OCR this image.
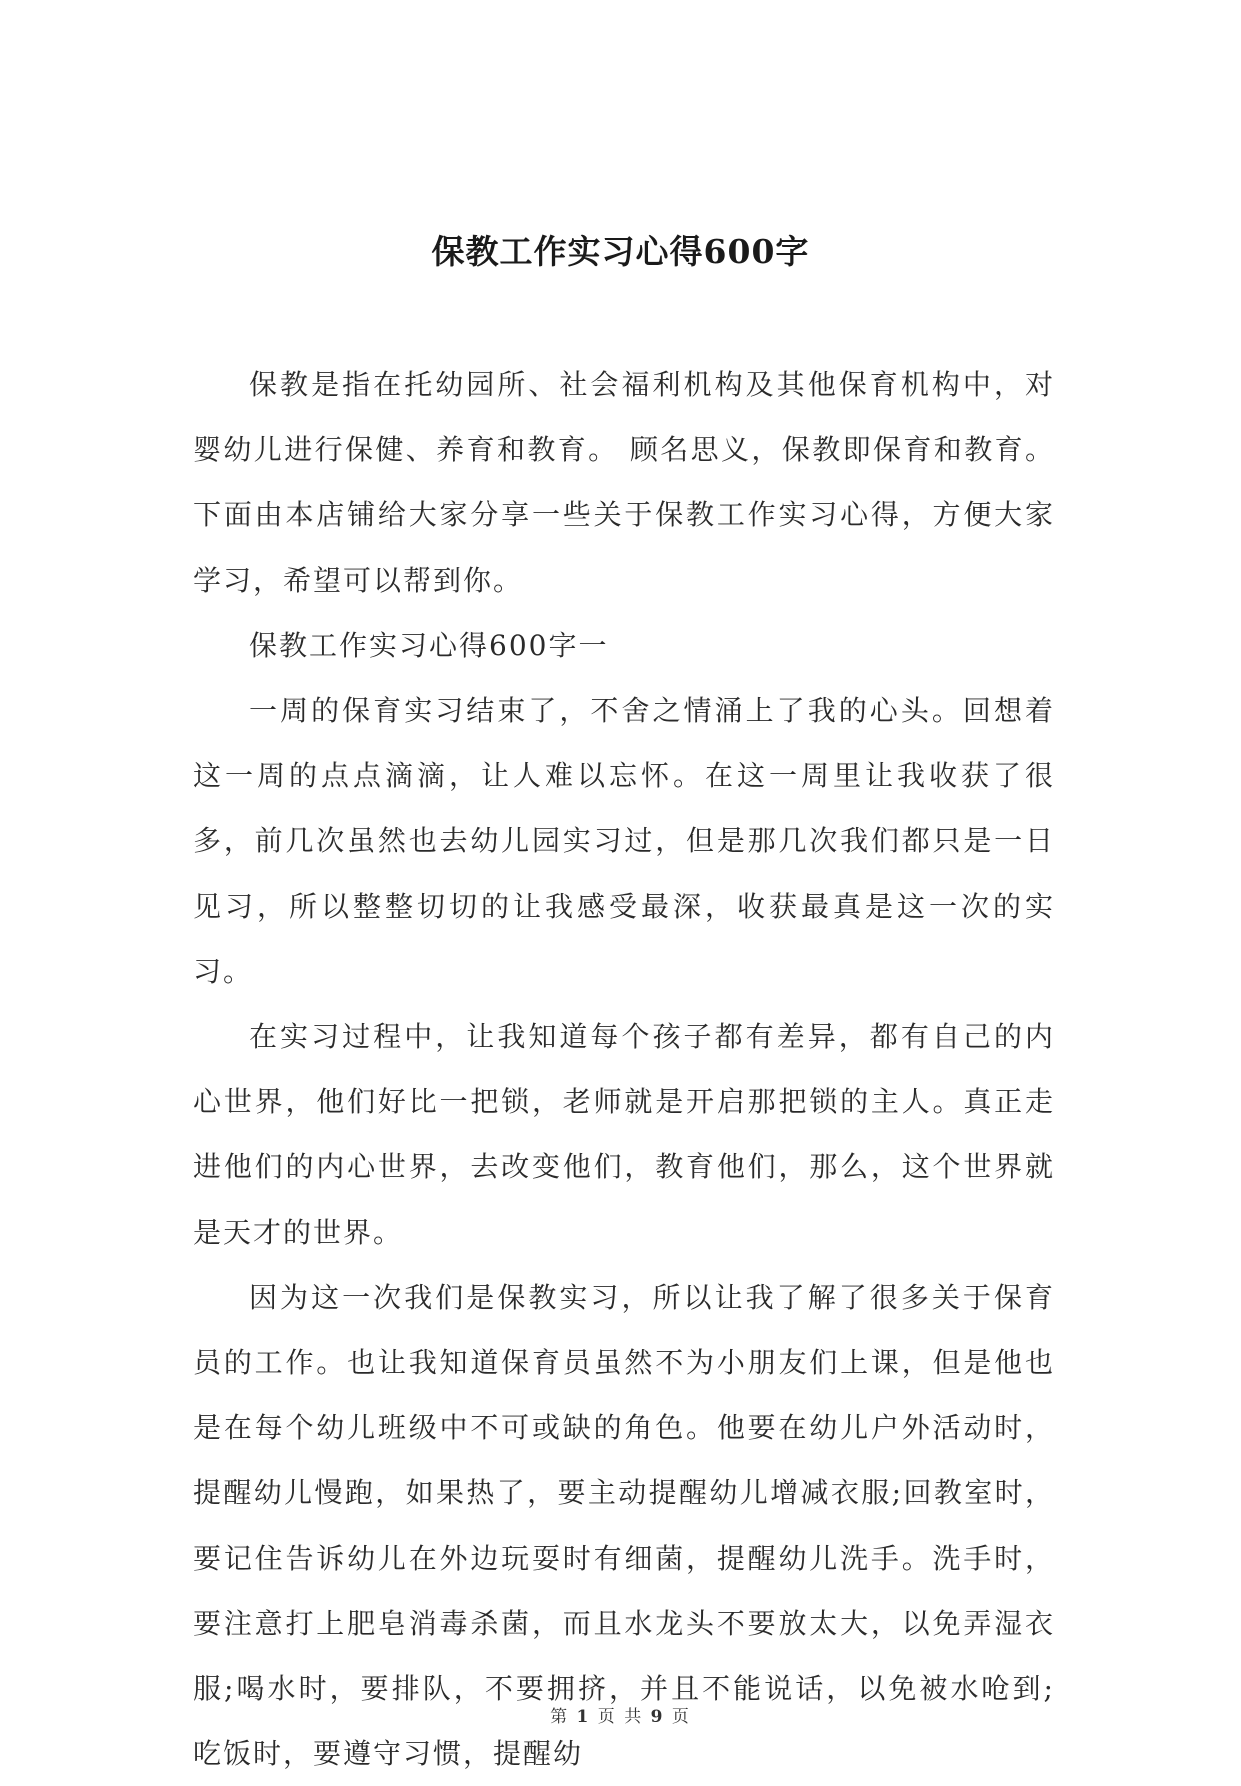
保教工作实习心得600字

保教是指在托幼园所、社会福利机构及其他保育机构中，对婴幼儿进行保健、养育和教育。 顾名思义，保教即保育和教育。下面由本店铺给大家分享一些关于保教工作实习心得，方便大家学习，希望可以帮到你。

保教工作实习心得600字一

一周的保育实习结束了，不舍之情涌上了我的心头。回想着这一周的点点滴滴，让人难以忘怀。在这一周里让我收获了很多，前几次虽然也去幼儿园实习过，但是那几次我们都只是一日见习，所以整整切切的让我感受最深，收获最真是这一次的实习。

在实习过程中，让我知道每个孩子都有差异，都有自己的内心世界，他们好比一把锁，老师就是开启那把锁的主人。真正走进他们的内心世界，去改变他们，教育他们，那么，这个世界就是天才的世界。

因为这一次我们是保教实习，所以让我了解了很多关于保育员的工作。也让我知道保育员虽然不为小朋友们上课，但是他也是在每个幼儿班级中不可或缺的角色。他要在幼儿户外活动时，提醒幼儿慢跑，如果热了，要主动提醒幼儿增减衣服;回教室时，要记住告诉幼儿在外边玩耍时有细菌，提醒幼儿洗手。洗手时，要注意打上肥皂消毒杀菌，而且水龙头不要放太大，以免弄湿衣服;喝水时，要排队，不要拥挤，并且不能说话，以免被水呛到;吃饭时，要遵守习惯，提醒幼

第 1 页 共 9 页
